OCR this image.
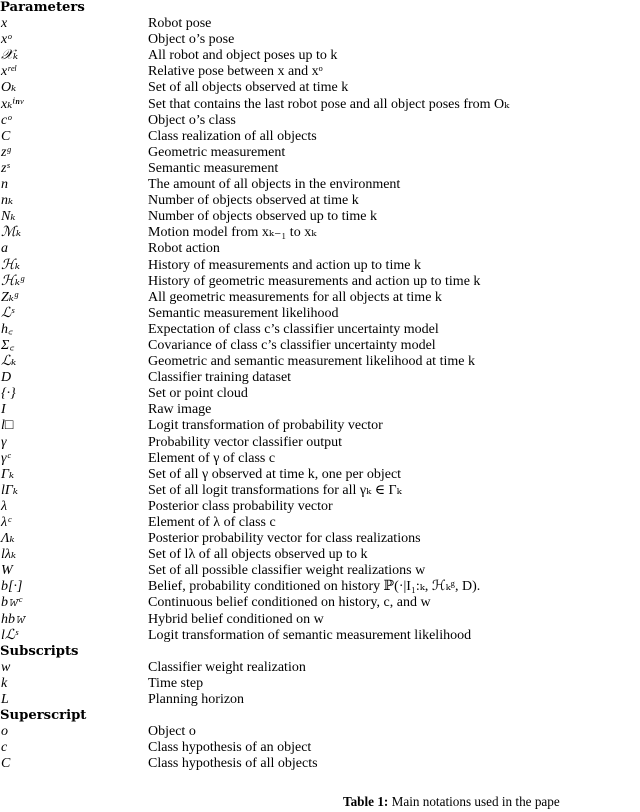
Parameters
x	Robot pose
xᵒ	Object o’s pose
𝒳ₖ	All robot and object poses up to k
xʳᵉˡ	Relative pose between x and xᵒ
Oₖ	Set of all objects observed at time k
xₖⁱⁿᵛ	Set that contains the last robot pose and all object poses from Oₖ
cᵒ	Object o’s class
C	Class realization of all objects
zᵍ	Geometric measurement
zˢ	Semantic measurement
n	The amount of all objects in the environment
nₖ	Number of objects observed at time k
Nₖ	Number of objects observed up to time k
ℳₖ	Motion model from xₖ₋₁ to xₖ
a	Robot action
ℋₖ	History of measurements and action up to time k
ℋₖᵍ	History of geometric measurements and action up to time k
Zₖᵍ	All geometric measurements for all objects at time k
ℒˢ	Semantic measurement likelihood
h꜀	Expectation of class c’s classifier uncertainty model
Σ꜀	Covariance of class c’s classifier uncertainty model
ℒₖ	Geometric and semantic measurement likelihood at time k
D	Classifier training dataset
{·}	Set or point cloud
I	Raw image
l□	Logit transformation of probability vector
γ	Probability vector classifier output
γᶜ	Element of γ of class c
Γₖ	Set of all γ observed at time k, one per object
lΓₖ	Set of all logit transformations for all γₖ ∈ Γₖ
λ	Posterior class probability vector
λᶜ	Element of λ of class c
Λₖ	Posterior probability vector for class realizations
lλₖ	Set of lλ of all objects observed up to k
W	Set of all possible classifier weight realizations w
b[·]	Belief, probability conditioned on history ℙ(·|I₁:ₖ, ℋₖᵍ, D).
b𝚠ᶜ	Continuous belief conditioned on history, c, and w
hb𝚠	Hybrid belief conditioned on w
lℒˢ	Logit transformation of semantic measurement likelihood
Subscripts
w	Classifier weight realization
k	Time step
L	Planning horizon
Superscript
o	Object o
c	Class hypothesis of an object
C	Class hypothesis of all objects
Table 1: Main notations used in the pape
